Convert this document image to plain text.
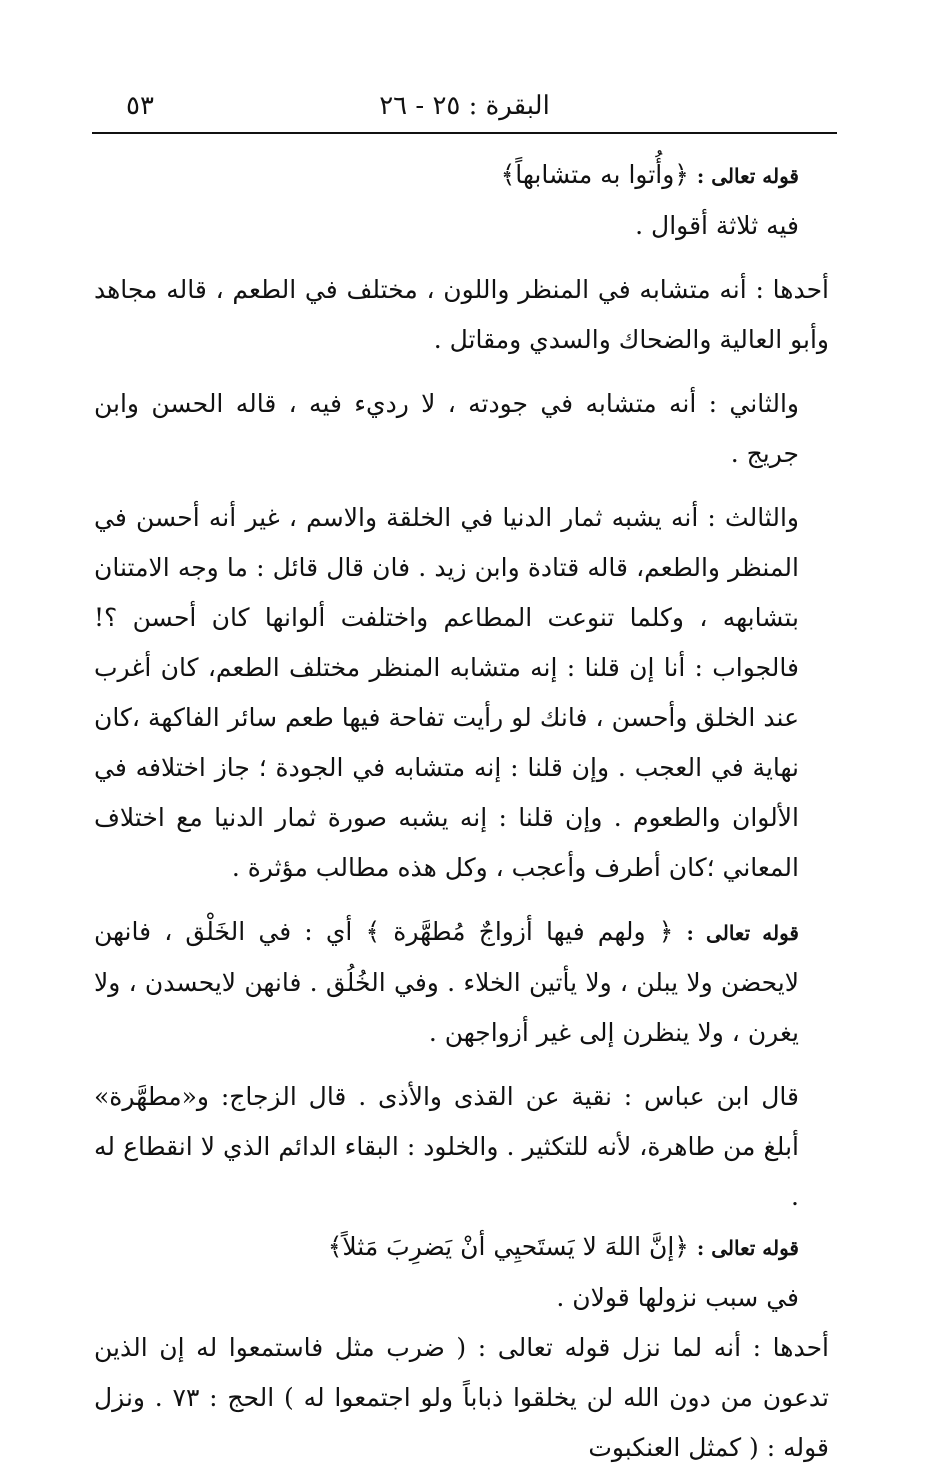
البقرة : ٢٥ - ٢٦
٥٣

قوله تعالى : ﴿وأُتوا به متشابهاً﴾

فيه ثلاثة أقوال .

أحدها : أنه متشابه في المنظر واللون ، مختلف في الطعم ، قاله مجاهد وأبو العالية والضحاك والسدي ومقاتل .

والثاني : أنه متشابه في جودته ، لا رديء فيه ، قاله الحسن وابن جريج .

والثالث : أنه يشبه ثمار الدنيا في الخلقة والاسم ، غير أنه أحسن في المنظر والطعم، قاله قتادة وابن زيد . فان قال قائل : ما وجه الامتنان بتشابهه ، وكلما تنوعت المطاعم واختلفت ألوانها كان أحسن ؟! فالجواب : أنا إن قلنا : إنه متشابه المنظر مختلف الطعم، كان أغرب عند الخلق وأحسن ، فانك لو رأيت تفاحة فيها طعم سائر الفاكهة ،كان نهاية في العجب . وإن قلنا : إنه متشابه في الجودة ؛ جاز اختلافه في الألوان والطعوم . وإن قلنا : إنه يشبه صورة ثمار الدنيا مع اختلاف المعاني ؛كان أطرف وأعجب ، وكل هذه مطالب مؤثرة .

قوله تعالى : ﴿ ولهم فيها أزواجٌ مُطهَّرة ﴾ أي : في الخَلْق ، فانهن لايحضن ولا يبلن ، ولا يأتين الخلاء . وفي الخُلُق . فانهن لايحسدن ، ولا يغرن ، ولا ينظرن إلى غير أزواجهن .

قال ابن عباس : نقية عن القذى والأذى . قال الزجاج: و«مطهَّرة» أبلغ من طاهرة، لأنه للتكثير . والخلود : البقاء الدائم الذي لا انقطاع له .

قوله تعالى : ﴿إنَّ اللهَ لا يَستَحيِي أنْ يَضرِبَ مَثلاً﴾

في سبب نزولها قولان .

أحدها : أنه لما نزل قوله تعالى : ( ضرب مثل فاستمعوا له إن الذين تدعون من دون الله لن يخلقوا ذباباً ولو اجتمعوا له ) الحج : ٧٣ . ونزل قوله : ( كمثل العنكبوت
